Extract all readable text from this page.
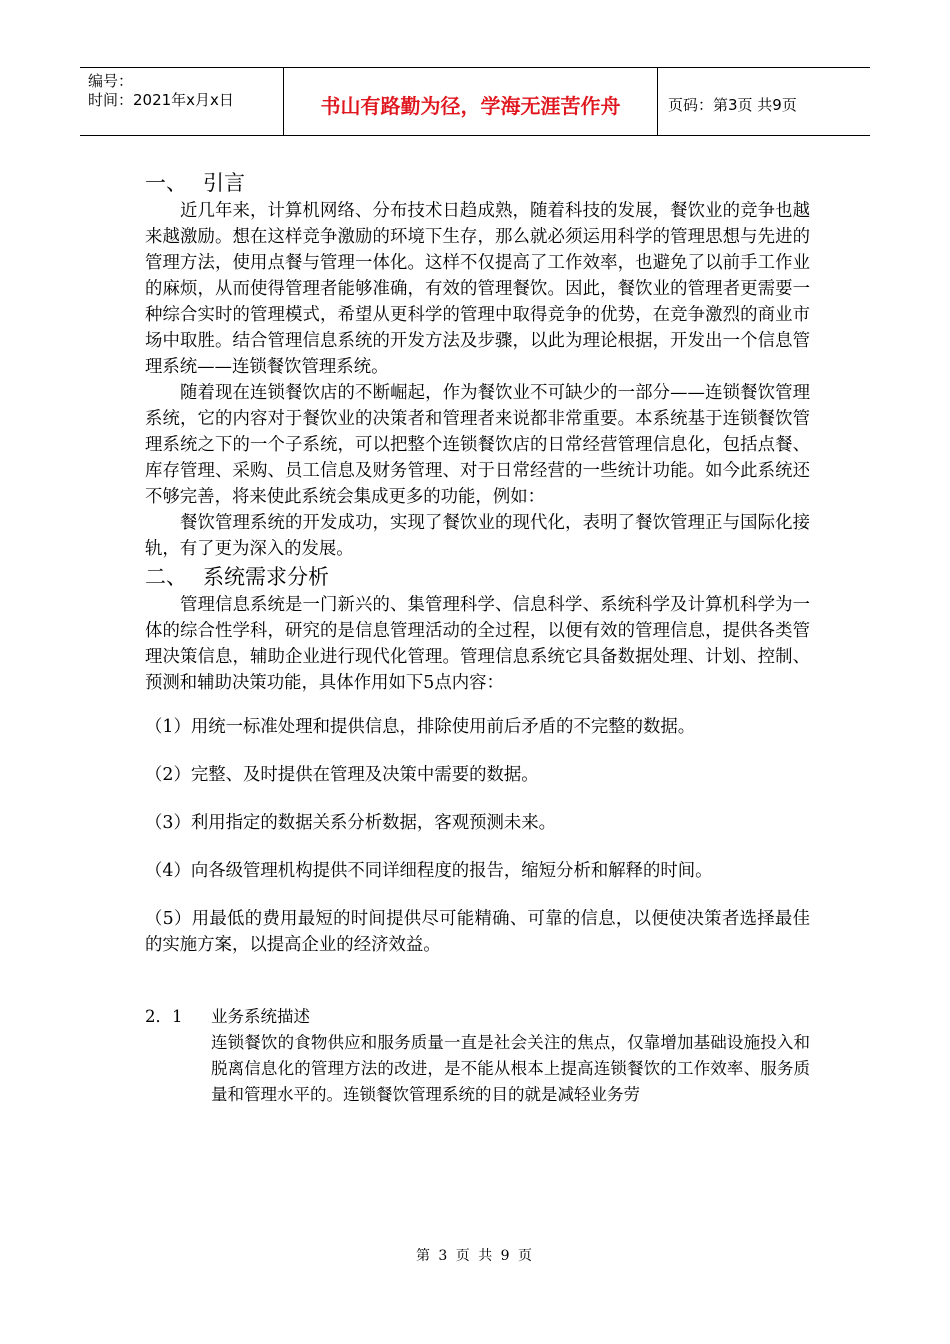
编号：
时间：2021年x月x日	书山有路勤为径，学海无涯苦作舟	页码：第3页 共9页
一、 引言

近几年来，计算机网络、分布技术日趋成熟，随着科技的发展，餐饮业的竞争也越来越激励。想在这样竞争激励的环境下生存，那么就必须运用科学的管理思想与先进的管理方法，使用点餐与管理一体化。这样不仅提高了工作效率，也避免了以前手工作业的麻烦，从而使得管理者能够准确，有效的管理餐饮。因此，餐饮业的管理者更需要一种综合实时的管理模式，希望从更科学的管理中取得竞争的优势，在竞争激烈的商业市场中取胜。结合管理信息系统的开发方法及步骤，以此为理论根据，开发出一个信息管理系统——连锁餐饮管理系统。

随着现在连锁餐饮店的不断崛起，作为餐饮业不可缺少的一部分——连锁餐饮管理系统，它的内容对于餐饮业的决策者和管理者来说都非常重要。本系统基于连锁餐饮管理系统之下的一个子系统，可以把整个连锁餐饮店的日常经营管理信息化，包括点餐、库存管理、采购、员工信息及财务管理、对于日常经营的一些统计功能。如今此系统还不够完善，将来使此系统会集成更多的功能，例如：

餐饮管理系统的开发成功，实现了餐饮业的现代化，表明了餐饮管理正与国际化接轨，有了更为深入的发展。

二、 系统需求分析

管理信息系统是一门新兴的、集管理科学、信息科学、系统科学及计算机科学为一体的综合性学科，研究的是信息管理活动的全过程，以便有效的管理信息，提供各类管理决策信息，辅助企业进行现代化管理。管理信息系统它具备数据处理、计划、控制、预测和辅助决策功能，具体作用如下5点内容：

（1）用统一标准处理和提供信息，排除使用前后矛盾的不完整的数据。

（2）完整、及时提供在管理及决策中需要的数据。

（3）利用指定的数据关系分析数据，客观预测未来。

（4）向各级管理机构提供不同详细程度的报告，缩短分析和解释的时间。

（5）用最低的费用最短的时间提供尽可能精确、可靠的信息，以便使决策者选择最佳的实施方案，以提高企业的经济效益。

2．1	业务系统描述

连锁餐饮的食物供应和服务质量一直是社会关注的焦点，仅靠增加基础设施投入和脱离信息化的管理方法的改进，是不能从根本上提高连锁餐饮的工作效率、服务质量和管理水平的。连锁餐饮管理系统的目的就是减轻业务劳

第 3 页 共 9 页
